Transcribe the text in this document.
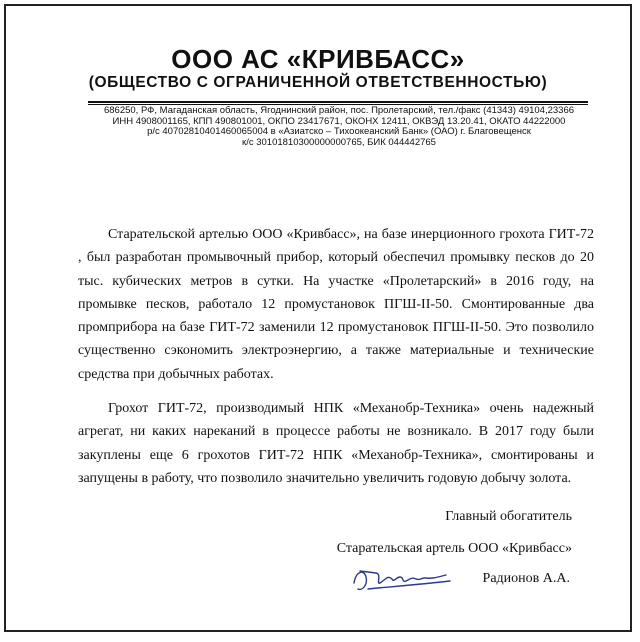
ООО АС «КРИВБАСС»
(ОБЩЕСТВО С ОГРАНИЧЕННОЙ ОТВЕТСТВЕННОСТЬЮ)
686250, РФ, Магаданская область, Ягоднинский район, пос. Пролетарский, тел./факс (41343) 49104,23366
ИНН 4908001165, КПП 490801001, ОКПО 23417671, ОКОНХ 12411, ОКВЭД 13.20.41, ОКАТО 44222000
р/с 40702810401460065004 в «Азиатско – Тихоокеанский Банк» (ОАО) г. Благовещенск
к/с 30101810300000000765, БИК 044442765

Старательской артелью ООО «Кривбасс», на базе инерционного грохота ГИТ-72 , был разработан промывочный прибор, который обеспечил промывку песков до 20 тыс. кубических метров в сутки. На участке «Пролетарский» в 2016 году, на промывке песков, работало 12 промустановок ПГШ-II-50. Смонтированные два промприбора на базе ГИТ-72 заменили 12 промустановок ПГШ-II-50. Это позволило существенно сэкономить электроэнергию, а также материальные и технические средства при добычных работах.

Грохот ГИТ-72, производимый НПК «Механобр-Техника» очень надежный агрегат, ни каких нареканий в процессе работы не возникало. В 2017 году были закуплены еще 6 грохотов ГИТ-72 НПК «Механобр-Техника», смонтированы и запущены в работу, что позволило значительно увеличить годовую добычу золота.

Главный обогатитель
Старательская артель ООО «Кривбасс»
Радионов А.А.
